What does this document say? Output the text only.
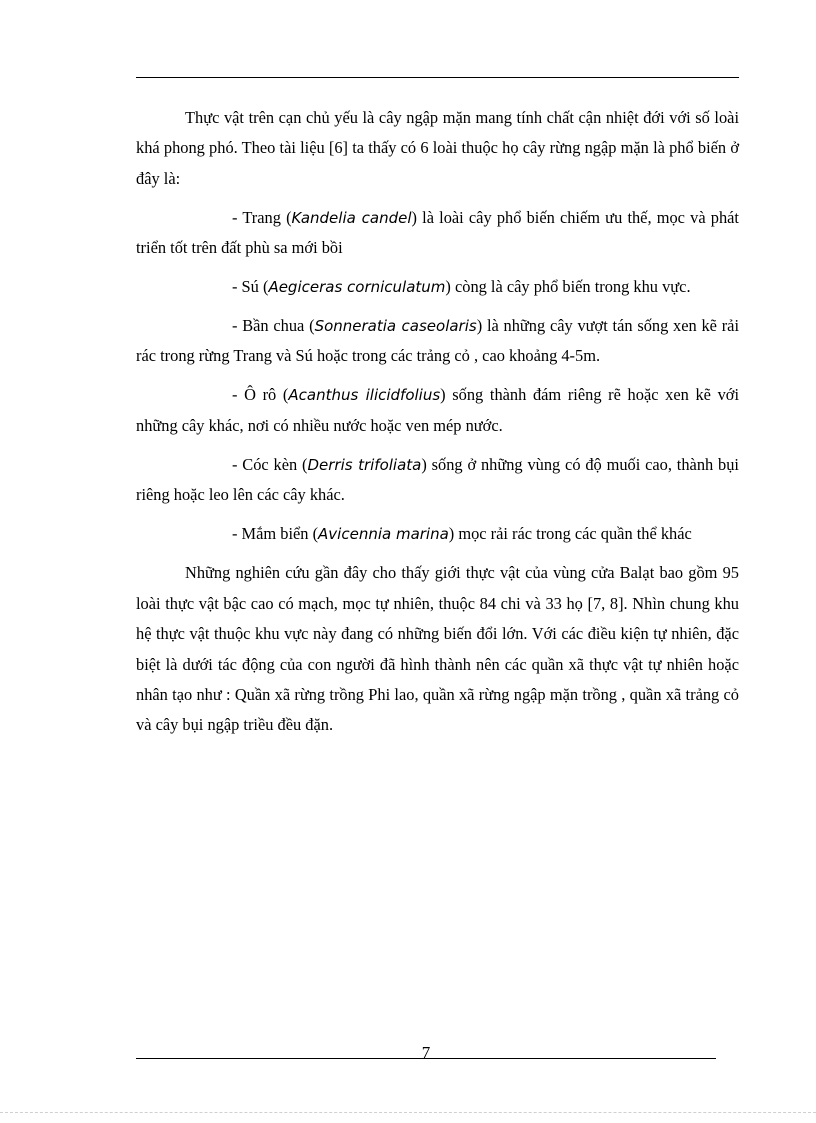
Thực vật trên cạn chủ yếu là cây ngập mặn mang tính chất cận nhiệt đới với số loài khá phong phó. Theo tài liệu [6] ta thấy có 6 loài thuộc họ cây rừng ngập mặn là phổ biến ở đây là:

- Trang (Kandelia candel) là loài cây phổ biến chiếm ưu thế, mọc và phát triển tốt trên đất phù sa mới bồi

- Sú (Aegiceras corniculatum) còng là cây phổ biến trong khu vực.

- Bần chua (Sonneratia caseolaris) là những cây vượt tán sống xen kẽ rải rác trong rừng Trang và Sú hoặc trong các trảng cỏ , cao khoảng 4-5m.

- Ô rô (Acanthus ilicidfolius) sống thành đám riêng rẽ hoặc xen kẽ với những cây khác, nơi có nhiều nước hoặc ven mép nước.

- Cóc kèn (Derris trifoliata) sống ở những vùng có độ muối cao, thành bụi riêng hoặc leo lên các cây khác.

- Mắm biển (Avicennia marina) mọc rải rác trong các quần thể khác

Những nghiên cứu gần đây cho thấy giới thực vật của vùng cửa Balạt bao gồm 95 loài thực vật bậc cao có mạch, mọc tự nhiên, thuộc 84 chi và 33 họ [7, 8]. Nhìn chung khu hệ thực vật thuộc khu vực này đang có những biến đổi lớn. Với các điều kiện tự nhiên, đặc biệt là dưới tác động của con người đã hình thành nên các quần xã thực vật tự nhiên hoặc nhân tạo như : Quần xã rừng trồng Phi lao, quần xã rừng ngập mặn trồng , quần xã trảng cỏ và cây bụi ngập triều đều đặn.

7
